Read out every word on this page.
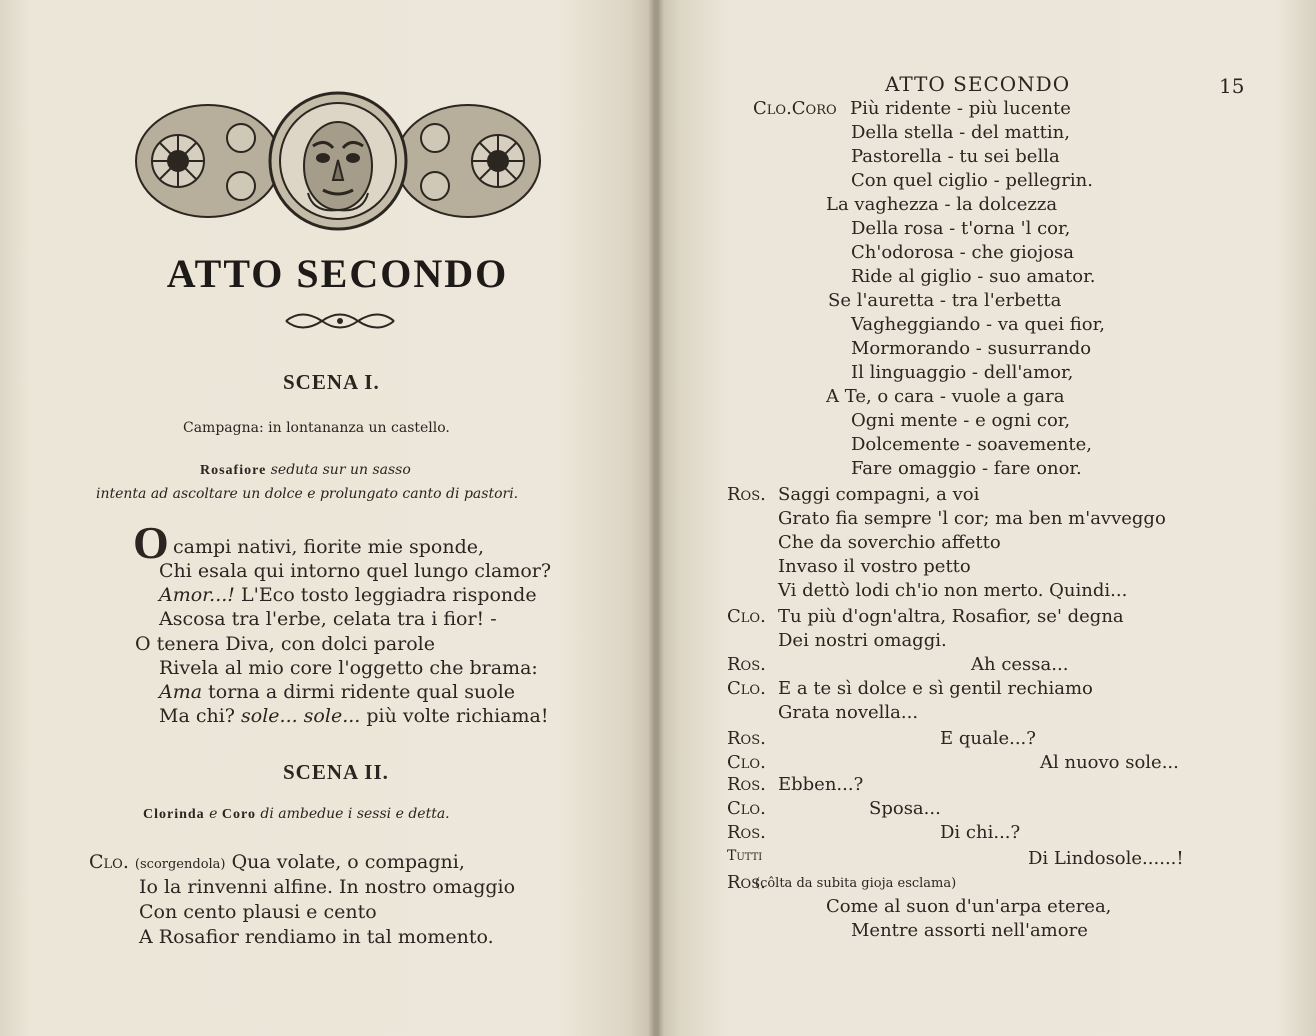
ATTO SECONDO
SCENA I.
Campagna: in lontananza un castello.
Rosafiore seduta sur un sasso
intenta ad ascoltare un dolce e prolungato canto di pastori.
O campi nativi, fiorite mie sponde,
Chi esala qui intorno quel lungo clamor?
Amor...! L'Eco tosto leggiadra risponde
Ascosa tra l'erbe, celata tra i fior! -
O tenera Diva, con dolci parole
Rivela al mio core l'oggetto che brama:
Ama torna a dirmi ridente qual suole
Ma chi? sole... sole... più volte richiama!
SCENA II.
Clorinda e Coro di ambedue i sessi e detta.
Clo. (scorgendola) Qua volate, o compagni,
Io la rinvenni alfine. In nostro omaggio
Con cento plausi e cento
A Rosafior rendiamo in tal momento.
ATTO SECONDO	15
Clo.Coro Più ridente - più lucente
Della stella - del mattin,
Pastorella - tu sei bella
Con quel ciglio - pellegrin.
La vaghezza - la dolcezza
Della rosa - t'orna 'l cor,
Ch'odorosa - che giojosa
Ride al giglio - suo amator.
Se l'auretta - tra l'erbetta
Vagheggiando - va quei fior,
Mormorando - susurrando
Il linguaggio - dell'amor,
A Te, o cara - vuole a gara
Ogni mente - e ogni cor,
Dolcemente - soavemente,
Fare omaggio - fare onor.
Ros. Saggi compagni, a voi
Grato fia sempre 'l cor; ma ben m'avveggo
Che da soverchio affetto
Invaso il vostro petto
Vi dettò lodi ch'io non merto. Quindi...
Clo. Tu più d'ogn'altra, Rosafior, se' degna
Dei nostri omaggi.
Ros.	Ah cessa...
Clo. E a te sì dolce e sì gentil rechiamo
Grata novella...
Ros.	E quale...?
Clo.	Al nuovo sole...
Ros. Ebben...?
Clo.	Sposa...
Ros.	Di chi...?
Tutti	Di Lindosole......!
Ros.
(côlta da subita gioja esclama)
Come al suon d'un'arpa eterea,
Mentre assorti nell'amore
